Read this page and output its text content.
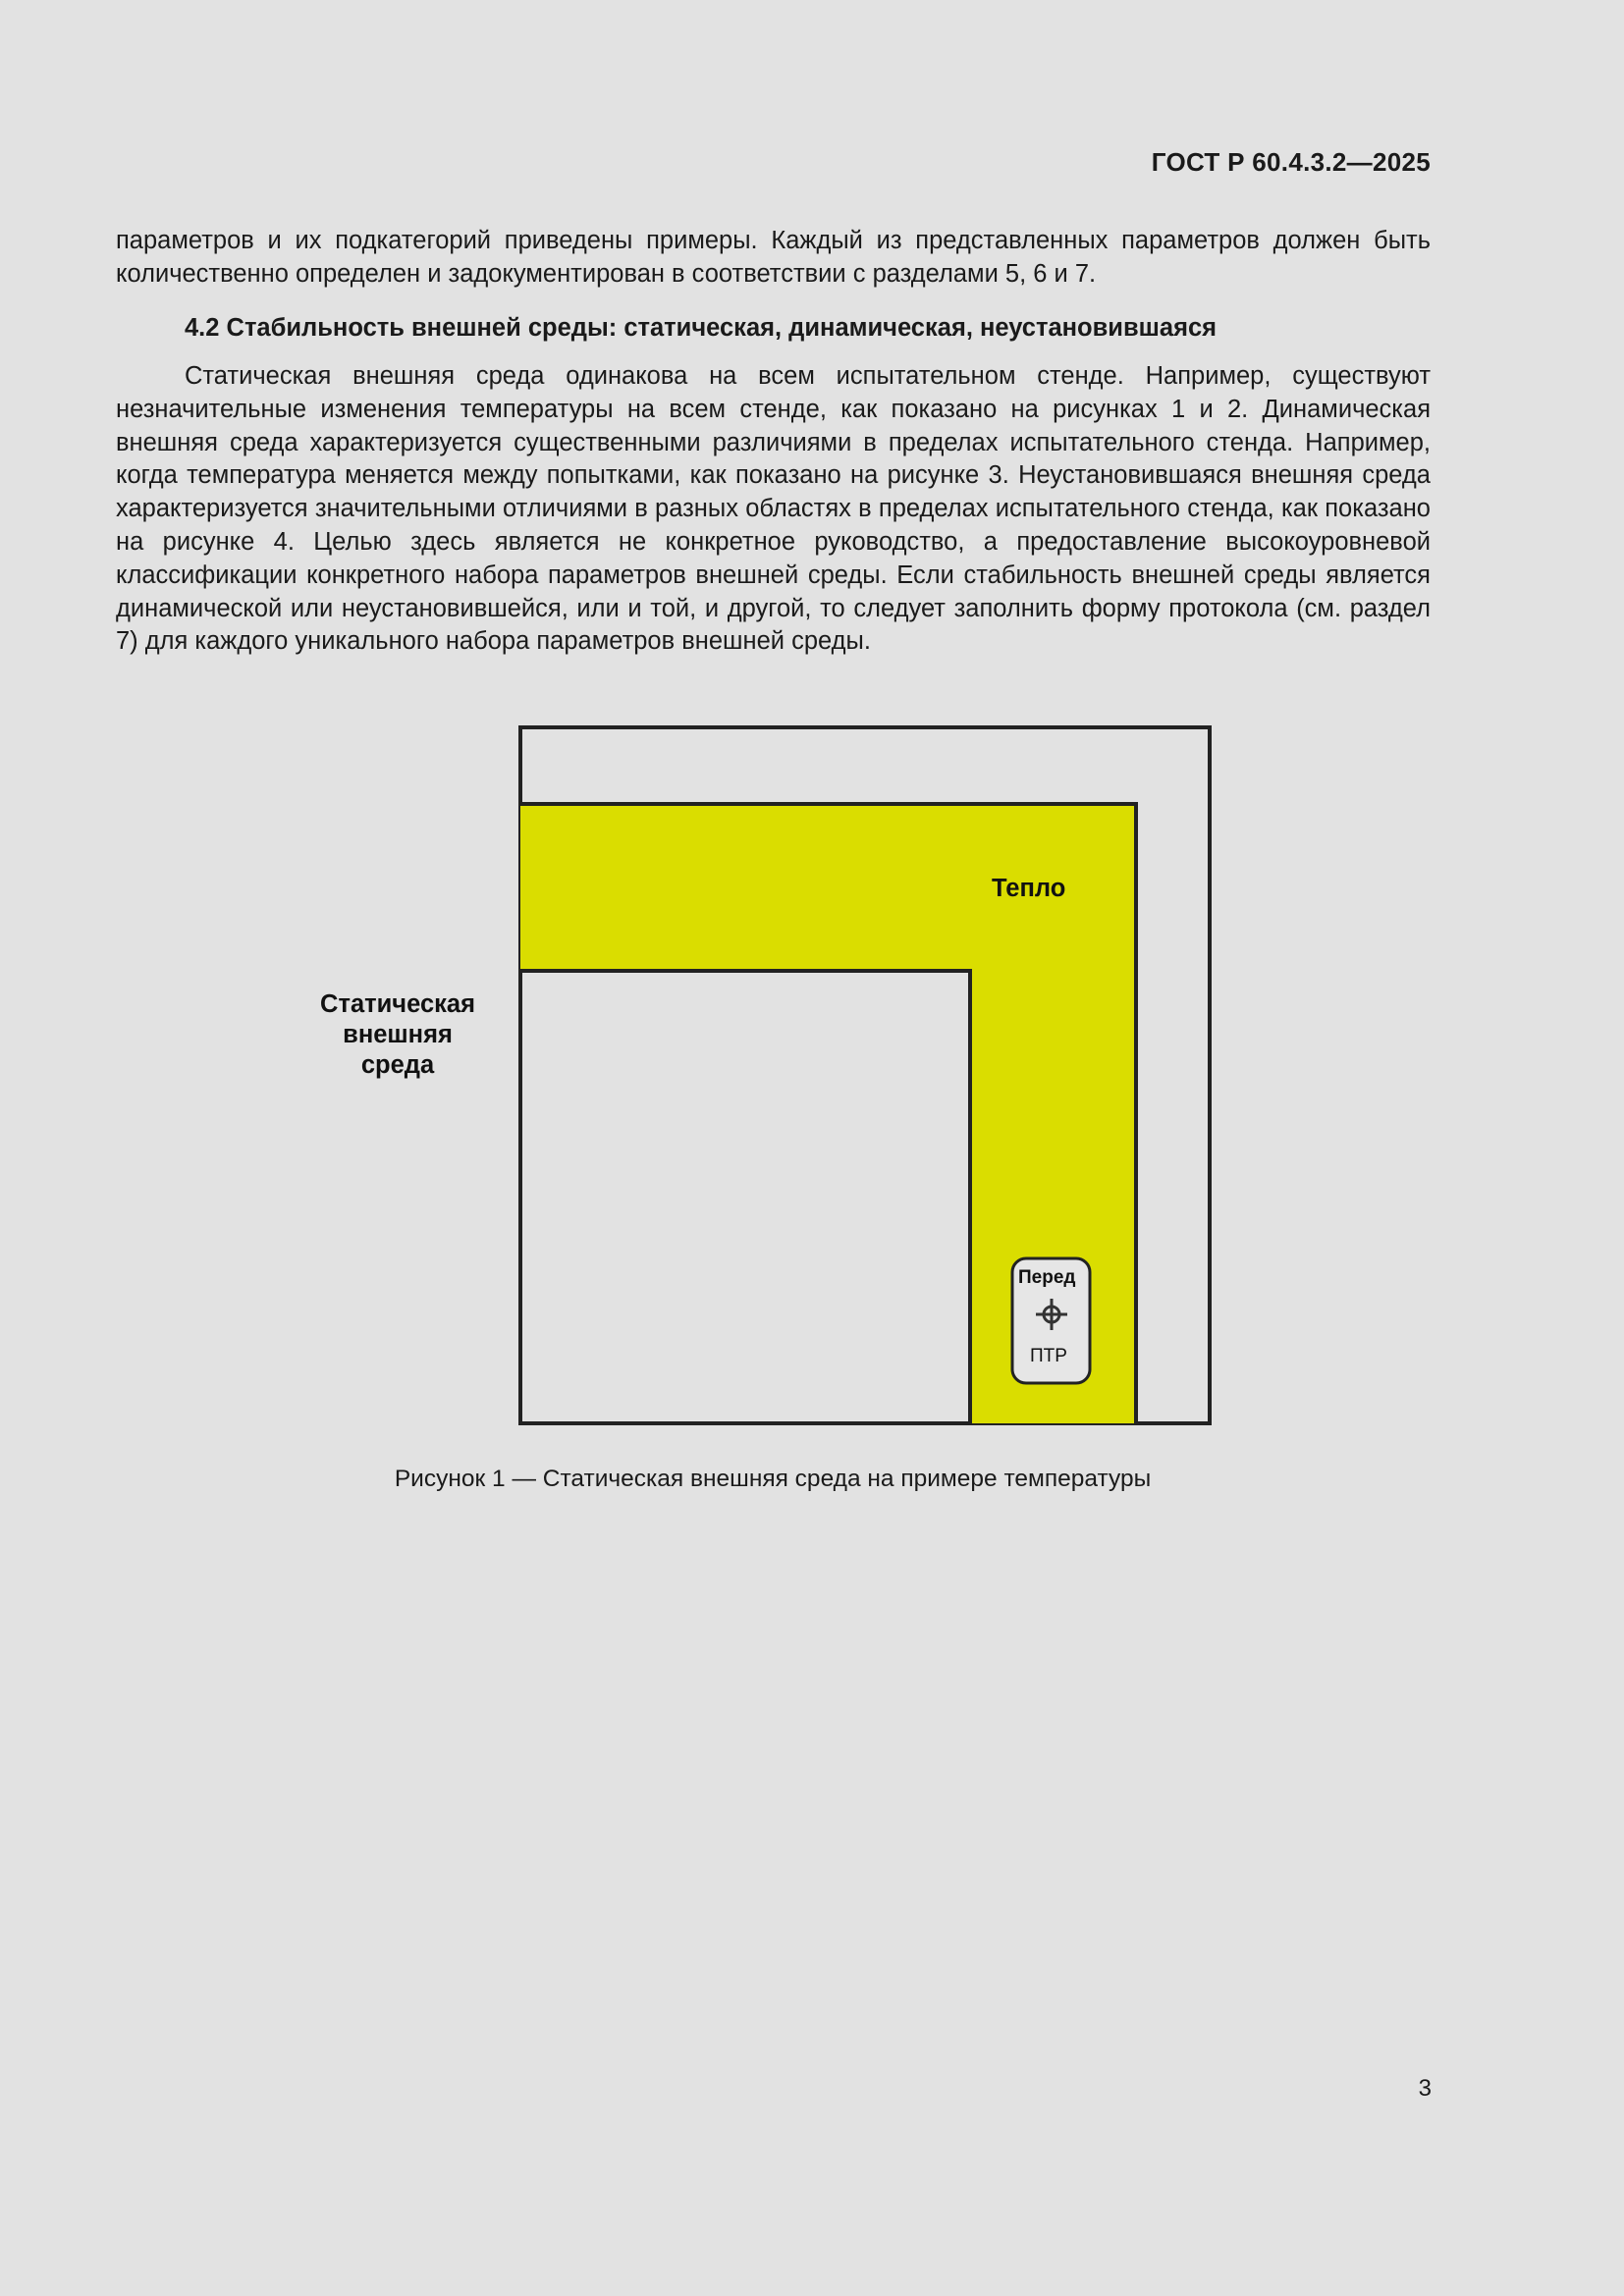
ГОСТ Р 60.4.3.2—2025
параметров и их подкатегорий приведены примеры. Каждый из представленных параметров должен быть количественно определен и задокументирован в соответствии с разделами 5, 6 и 7.
4.2 Стабильность внешней среды: статическая, динамическая, неустановившаяся
Статическая внешняя среда одинакова на всем испытательном стенде. Например, существуют незначительные изменения температуры на всем стенде, как показано на рисунках 1 и 2. Динамическая внешняя среда характеризуется существенными различиями в пределах испытательного стенда. Например, когда температура меняется между попытками, как показано на рисунке 3. Неустановившаяся внешняя среда характеризуется значительными отличиями в разных областях в пределах испытательного стенда, как показано на рисунке 4. Целью здесь является не конкретное руководство, а предоставление высокоуровневой классификации конкретного набора параметров внешней среды. Если стабильность внешней среды является динамической или неустановившейся, или и той, и другой, то следует заполнить форму протокола (см. раздел 7) для каждого уникального набора параметров внешней среды.
Тепло
Статическая внешняя среда
Перед
ПТР
Рисунок 1 — Статическая внешняя среда на примере температуры
3
